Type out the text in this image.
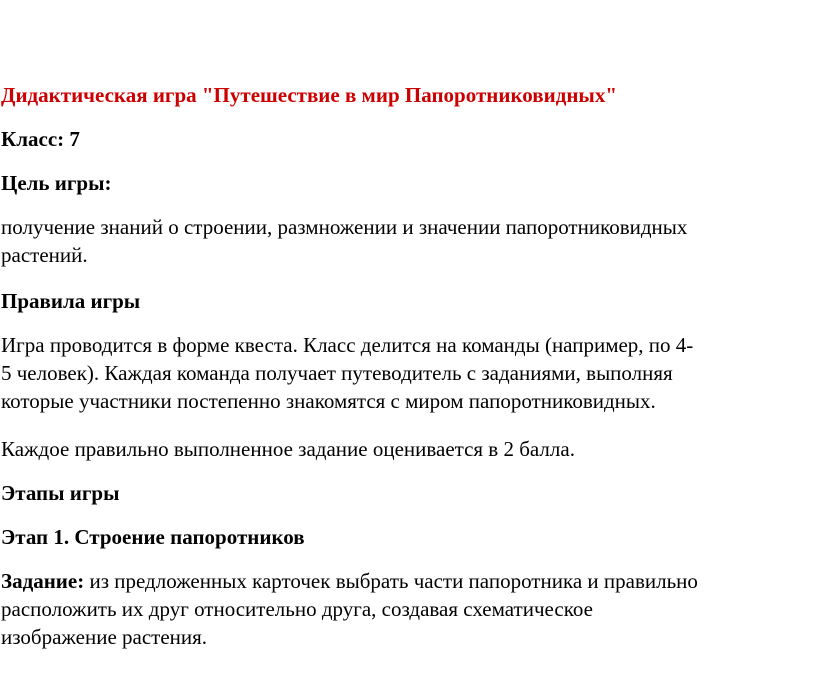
Дидактическая игра "Путешествие в мир Папоротниковидных"

Класс: 7

Цель игры:

получение знаний о строении, размножении и значении папоротниковидных
растений.

Правила игры

Игра проводится в форме квеста. Класс делится на команды (например, по 4-
5 человек). Каждая команда получает путеводитель с заданиями, выполняя
которые участники постепенно знакомятся с миром папоротниковидных.

Каждое правильно выполненное задание оценивается в 2 балла.

Этапы игры

Этап 1. Строение папоротников

Задание: из предложенных карточек выбрать части папоротника и правильно
расположить их друг относительно друга, создавая схематическое
изображение растения.
